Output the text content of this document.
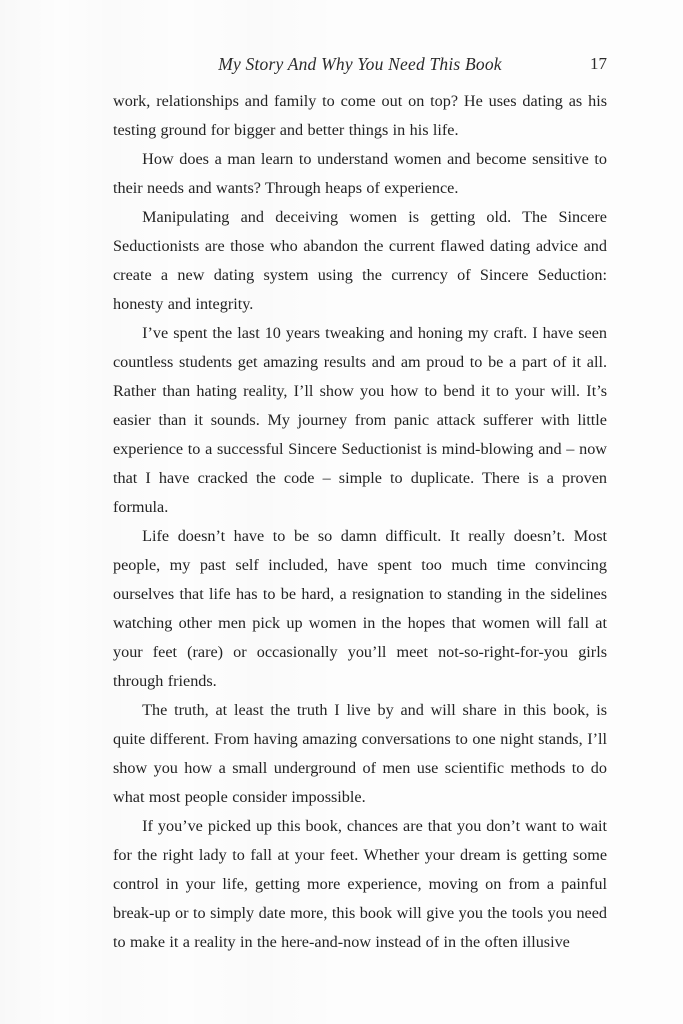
My Story And Why You Need This Book	17

work, relationships and family to come out on top? He uses dating as his testing ground for bigger and better things in his life.

How does a man learn to understand women and become sensitive to their needs and wants? Through heaps of experience.

Manipulating and deceiving women is getting old. The Sincere Seductionists are those who abandon the current flawed dating advice and create a new dating system using the currency of Sincere Seduction: honesty and integrity.

I’ve spent the last 10 years tweaking and honing my craft. I have seen countless students get amazing results and am proud to be a part of it all. Rather than hating reality, I’ll show you how to bend it to your will. It’s easier than it sounds. My journey from panic attack sufferer with little experience to a successful Sincere Seductionist is mind-blowing and – now that I have cracked the code – simple to duplicate. There is a proven formula.

Life doesn’t have to be so damn difficult. It really doesn’t. Most people, my past self included, have spent too much time convincing ourselves that life has to be hard, a resignation to standing in the sidelines watching other men pick up women in the hopes that women will fall at your feet (rare) or occasionally you’ll meet not-so-right-for-you girls through friends.

The truth, at least the truth I live by and will share in this book, is quite different. From having amazing conversations to one night stands, I’ll show you how a small underground of men use scientific methods to do what most people consider impossible.

If you’ve picked up this book, chances are that you don’t want to wait for the right lady to fall at your feet. Whether your dream is getting some control in your life, getting more experience, moving on from a painful break-up or to simply date more, this book will give you the tools you need to make it a reality in the here-and-now instead of in the often illusive
